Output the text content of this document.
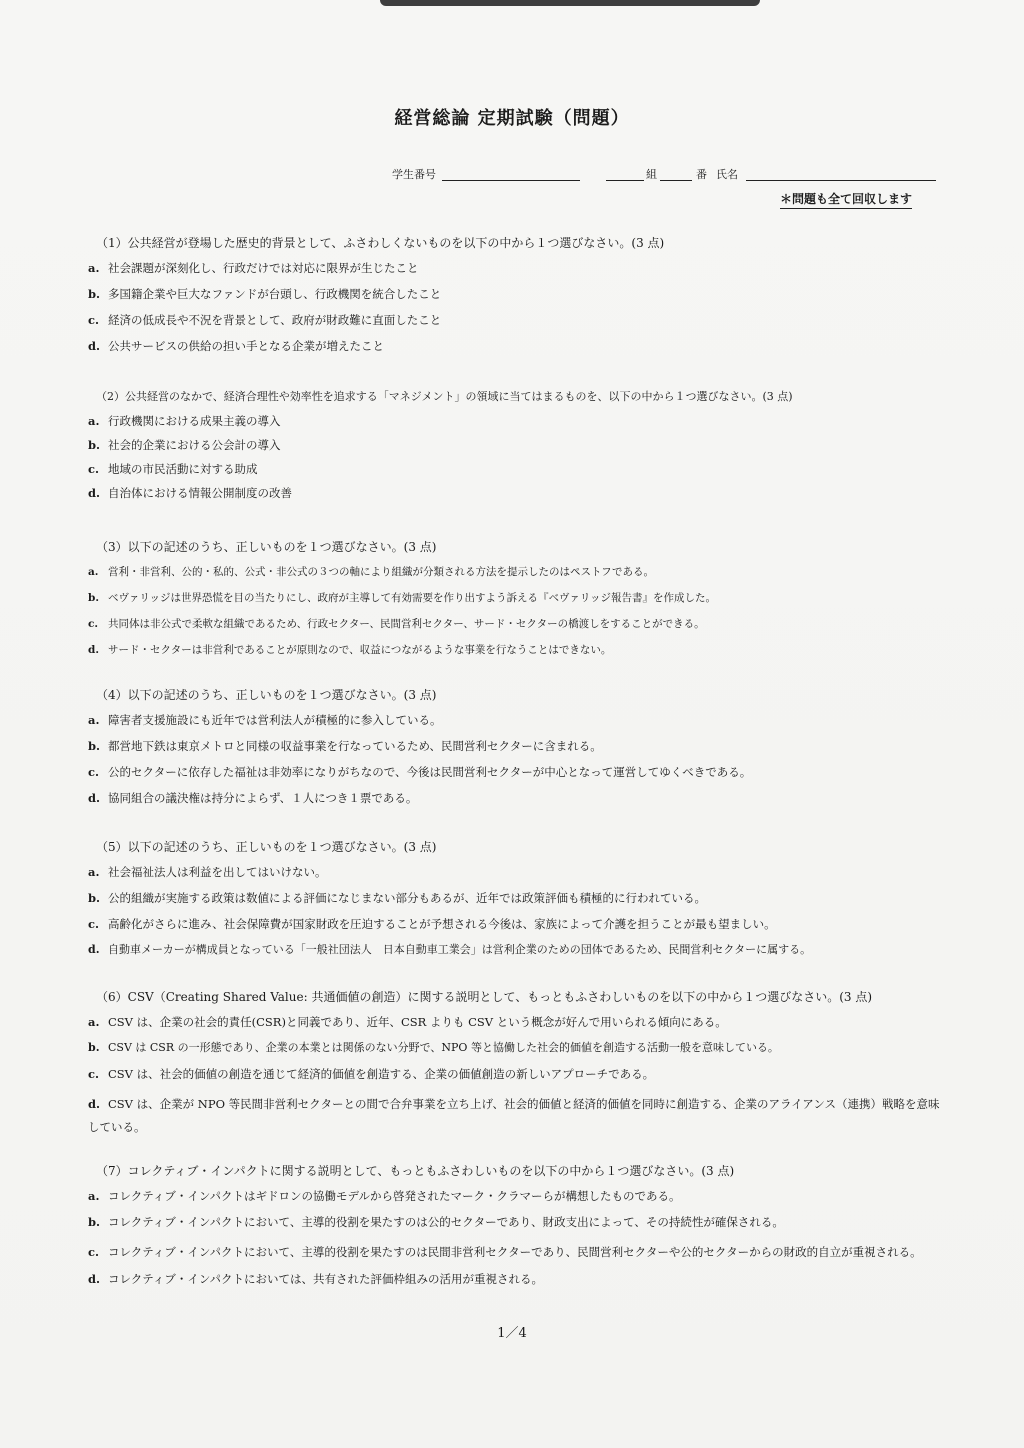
経営総論 定期試験（問題）
学生番号	組	番 氏名
＊問題も全て回収します
（1）公共経営が登場した歴史的背景として、ふさわしくないものを以下の中から１つ選びなさい。(3 点)
a. 社会課題が深刻化し、行政だけでは対応に限界が生じたこと
b. 多国籍企業や巨大なファンドが台頭し、行政機関を統合したこと
c. 経済の低成長や不況を背景として、政府が財政難に直面したこと
d. 公共サービスの供給の担い手となる企業が増えたこと
（2）公共経営のなかで、経済合理性や効率性を追求する「マネジメント」の領域に当てはまるものを、以下の中から１つ選びなさい。(3 点)
a. 行政機関における成果主義の導入
b. 社会的企業における公会計の導入
c. 地域の市民活動に対する助成
d. 自治体における情報公開制度の改善
（3）以下の記述のうち、正しいものを１つ選びなさい。(3 点)
a. 営利・非営利、公的・私的、公式・非公式の３つの軸により組織が分類される方法を提示したのはペストフである。
b. ベヴァリッジは世界恐慌を目の当たりにし、政府が主導して有効需要を作り出すよう訴える『ベヴァリッジ報告書』を作成した。
c. 共同体は非公式で柔軟な組織であるため、行政セクター、民間営利セクター、サード・セクターの橋渡しをすることができる。
d. サード・セクターは非営利であることが原則なので、収益につながるような事業を行なうことはできない。
（4）以下の記述のうち、正しいものを１つ選びなさい。(3 点)
a. 障害者支援施設にも近年では営利法人が積極的に参入している。
b. 都営地下鉄は東京メトロと同様の収益事業を行なっているため、民間営利セクターに含まれる。
c. 公的セクターに依存した福祉は非効率になりがちなので、今後は民間営利セクターが中心となって運営してゆくべきである。
d. 協同組合の議決権は持分によらず、１人につき１票である。
（5）以下の記述のうち、正しいものを１つ選びなさい。(3 点)
a. 社会福祉法人は利益を出してはいけない。
b. 公的組織が実施する政策は数値による評価になじまない部分もあるが、近年では政策評価も積極的に行われている。
c. 高齢化がさらに進み、社会保障費が国家財政を圧迫することが予想される今後は、家族によって介護を担うことが最も望ましい。
d. 自動車メーカーが構成員となっている「一般社団法人　日本自動車工業会」は営利企業のための団体であるため、民間営利セクターに属する。
（6）CSV（Creating Shared Value: 共通価値の創造）に関する説明として、もっともふさわしいものを以下の中から１つ選びなさい。(3 点)
a. CSV は、企業の社会的責任(CSR)と同義であり、近年、CSR よりも CSV という概念が好んで用いられる傾向にある。
b. CSV は CSR の一形態であり、企業の本業とは関係のない分野で、NPO 等と協働した社会的価値を創造する活動一般を意味している。
c. CSV は、社会的価値の創造を通じて経済的価値を創造する、企業の価値創造の新しいアプローチである。
d. CSV は、企業が NPO 等民間非営利セクターとの間で合弁事業を立ち上げ、社会的価値と経済的価値を同時に創造する、企業のアライアンス（連携）戦略を意味している。
（7）コレクティブ・インパクトに関する説明として、もっともふさわしいものを以下の中から１つ選びなさい。(3 点)
a. コレクティブ・インパクトはギドロンの協働モデルから啓発されたマーク・クラマーらが構想したものである。
b. コレクティブ・インパクトにおいて、主導的役割を果たすのは公的セクターであり、財政支出によって、その持続性が確保される。
c. コレクティブ・インパクトにおいて、主導的役割を果たすのは民間非営利セクターであり、民間営利セクターや公的セクターからの財政的自立が重視される。
d. コレクティブ・インパクトにおいては、共有された評価枠組みの活用が重視される。
1／4
